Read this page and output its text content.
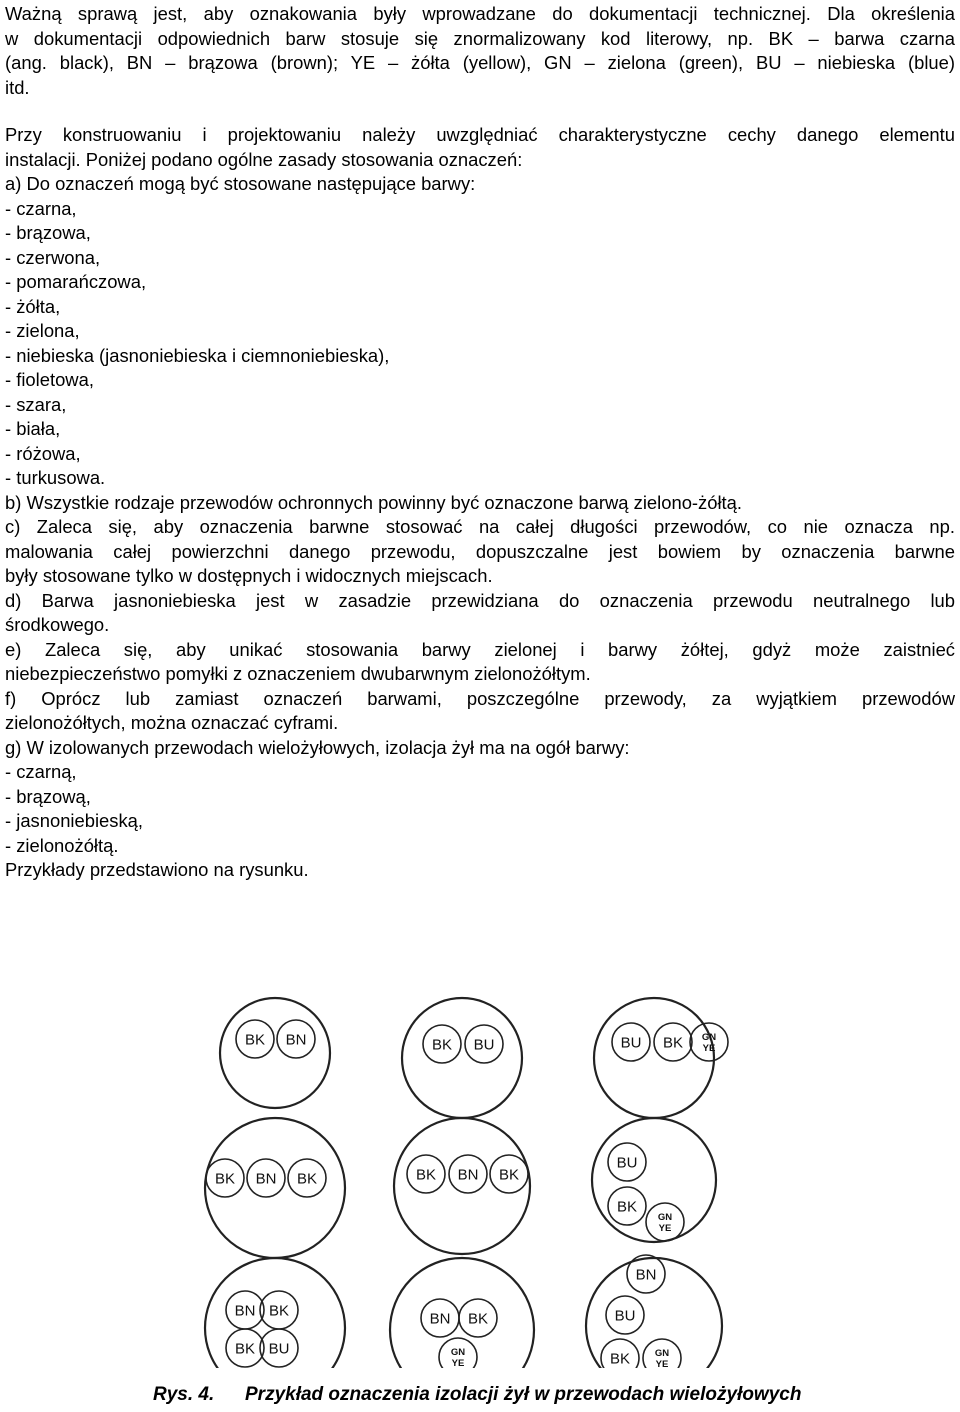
Ważną sprawą jest, aby oznakowania były wprowadzane do dokumentacji technicznej. Dla określenia
w dokumentacji odpowiednich barw stosuje się znormalizowany kod literowy, np. BK – barwa czarna
(ang. black), BN – brązowa (brown); YE – żółta (yellow), GN – zielona (green), BU – niebieska (blue)
itd.
Przy konstruowaniu i projektowaniu należy uwzględniać charakterystyczne cechy danego elementu
instalacji. Poniżej podano ogólne zasady stosowania oznaczeń:
a) Do oznaczeń mogą być stosowane następujące barwy:
- czarna,
- brązowa,
- czerwona,
- pomarańczowa,
- żółta,
- zielona,
- niebieska (jasnoniebieska i ciemnoniebieska),
- fioletowa,
- szara,
- biała,
- różowa,
- turkusowa.
b) Wszystkie rodzaje przewodów ochronnych powinny być oznaczone barwą zielono-żółtą.
c) Zaleca się, aby oznaczenia barwne stosować na całej długości przewodów, co nie oznacza np.
malowania całej powierzchni danego przewodu, dopuszczalne jest bowiem by oznaczenia barwne
były stosowane tylko w dostępnych i widocznych miejscach.
d) Barwa jasnoniebieska jest w zasadzie przewidziana do oznaczenia przewodu neutralnego lub
środkowego.
e) Zaleca się, aby unikać stosowania barwy zielonej i barwy żółtej, gdyż może zaistnieć
niebezpieczeństwo pomyłki z oznaczeniem dwubarwnym zielonożółtym.
f) Oprócz lub zamiast oznaczeń barwami, poszczególne przewody, za wyjątkiem przewodów
zielonożółtych, można oznaczać cyframi.
g) W izolowanych przewodach wielożyłowych, izolacja żył ma na ogół barwy:
- czarną,
- brązową,
- jasnoniebieską,
- zielonożółtą.
Przykłady przedstawiono na rysunku.
BK BN	BK BU	BU BK GN
YE
BK BN BK	BK BN BK
BU
BK
GN
YE
BN BK
BK BU
BN BK
GN
YE
BN
BU
BK	GN
YE
Rys. 4. Przykład oznaczenia izolacji żył w przewodach wielożyłowych
